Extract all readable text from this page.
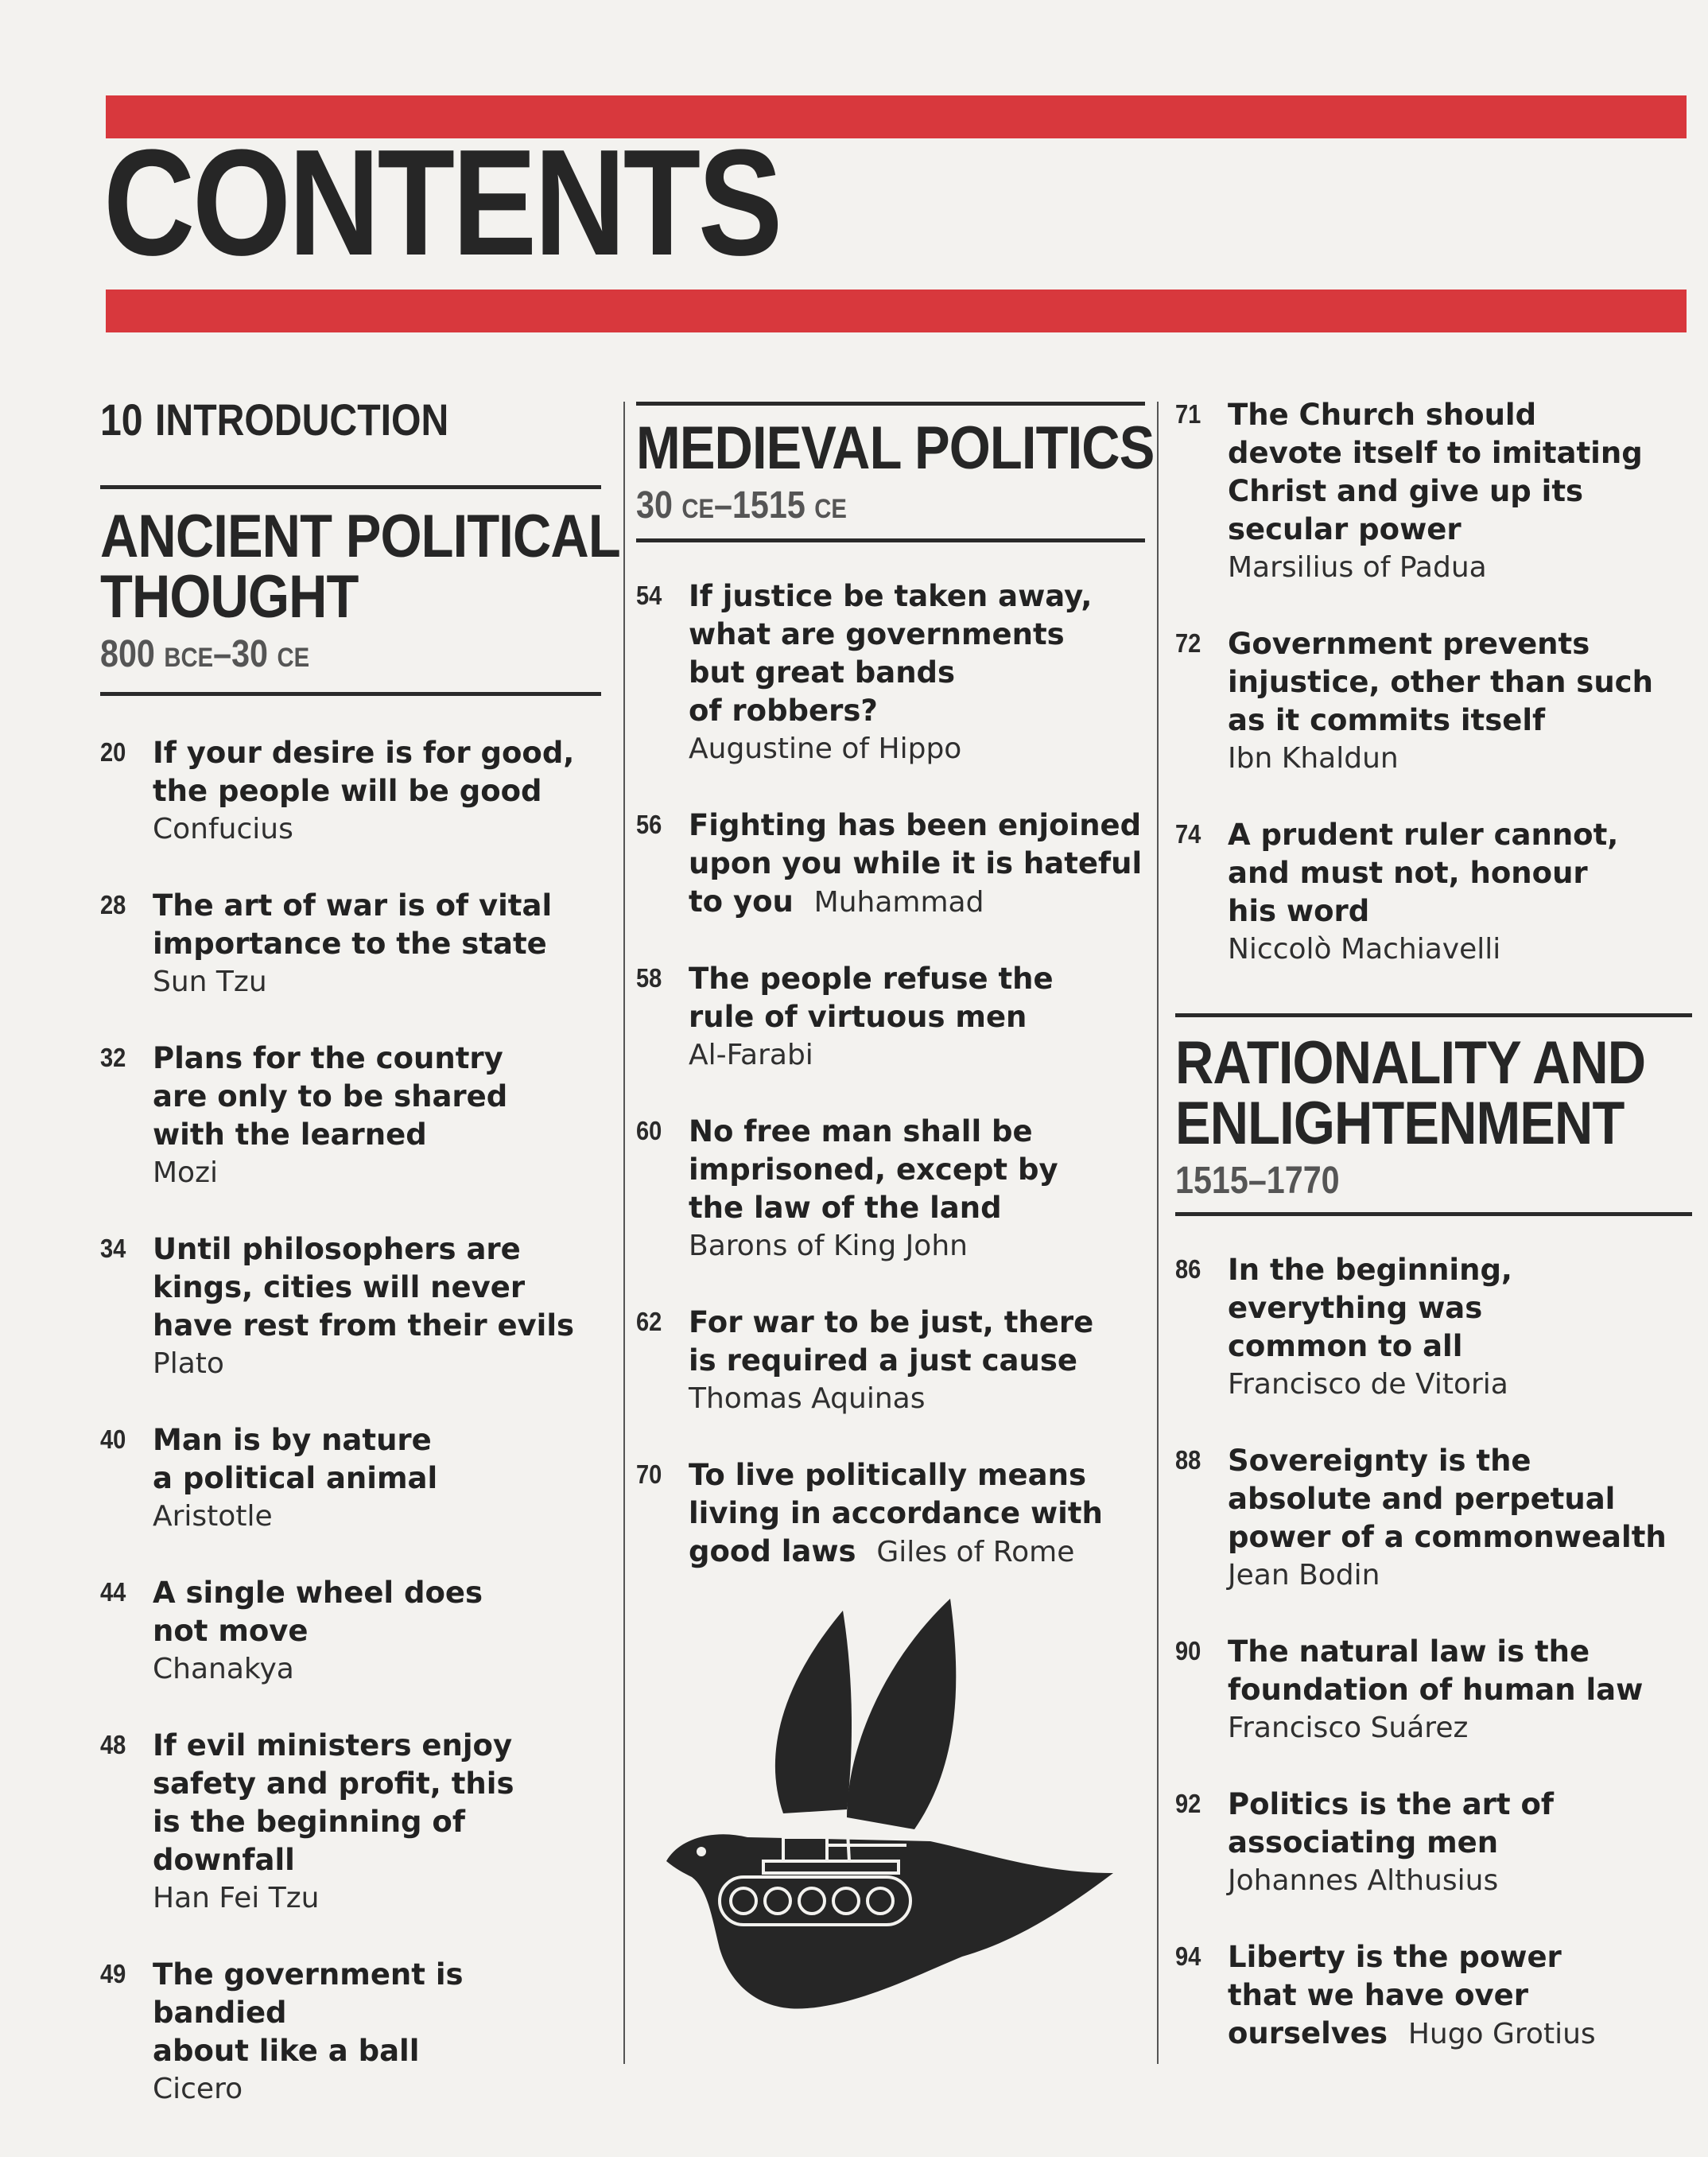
CONTENTS
10 INTRODUCTION
ANCIENT POLITICAL
THOUGHT
800 BCE–30 CE
20 If your desire is for good,
the people will be good
Confucius
28 The art of war is of vital
importance to the state
Sun Tzu
32 Plans for the country
are only to be shared
with the learned
Mozi
34 Until philosophers are
kings, cities will never
have rest from their evils
Plato
40 Man is by nature
a political animal
Aristotle
44 A single wheel does
not move
Chanakya
48 If evil ministers enjoy
safety and profit, this
is the beginning of
downfall
Han Fei Tzu
49 The government is bandied
about like a ball
Cicero
MEDIEVAL POLITICS
30 CE–1515 CE
54 If justice be taken away,
what are governments
but great bands
of robbers?
Augustine of Hippo
56 Fighting has been enjoined
upon you while it is hateful
to you Muhammad
58 The people refuse the
rule of virtuous men
Al-Farabi
60 No free man shall be
imprisoned, except by
the law of the land
Barons of King John
62 For war to be just, there
is required a just cause
Thomas Aquinas
70 To live politically means
living in accordance with
good laws Giles of Rome
71 The Church should
devote itself to imitating
Christ and give up its
secular power
Marsilius of Padua
72 Government prevents
injustice, other than such
as it commits itself
Ibn Khaldun
74 A prudent ruler cannot,
and must not, honour
his word
Niccolò Machiavelli
RATIONALITY AND
ENLIGHTENMENT
1515–1770
86 In the beginning,
everything was
common to all
Francisco de Vitoria
88 Sovereignty is the
absolute and perpetual
power of a commonwealth
Jean Bodin
90 The natural law is the
foundation of human law
Francisco Suárez
92 Politics is the art of
associating men
Johannes Althusius
94 Liberty is the power
that we have over
ourselves Hugo Grotius
